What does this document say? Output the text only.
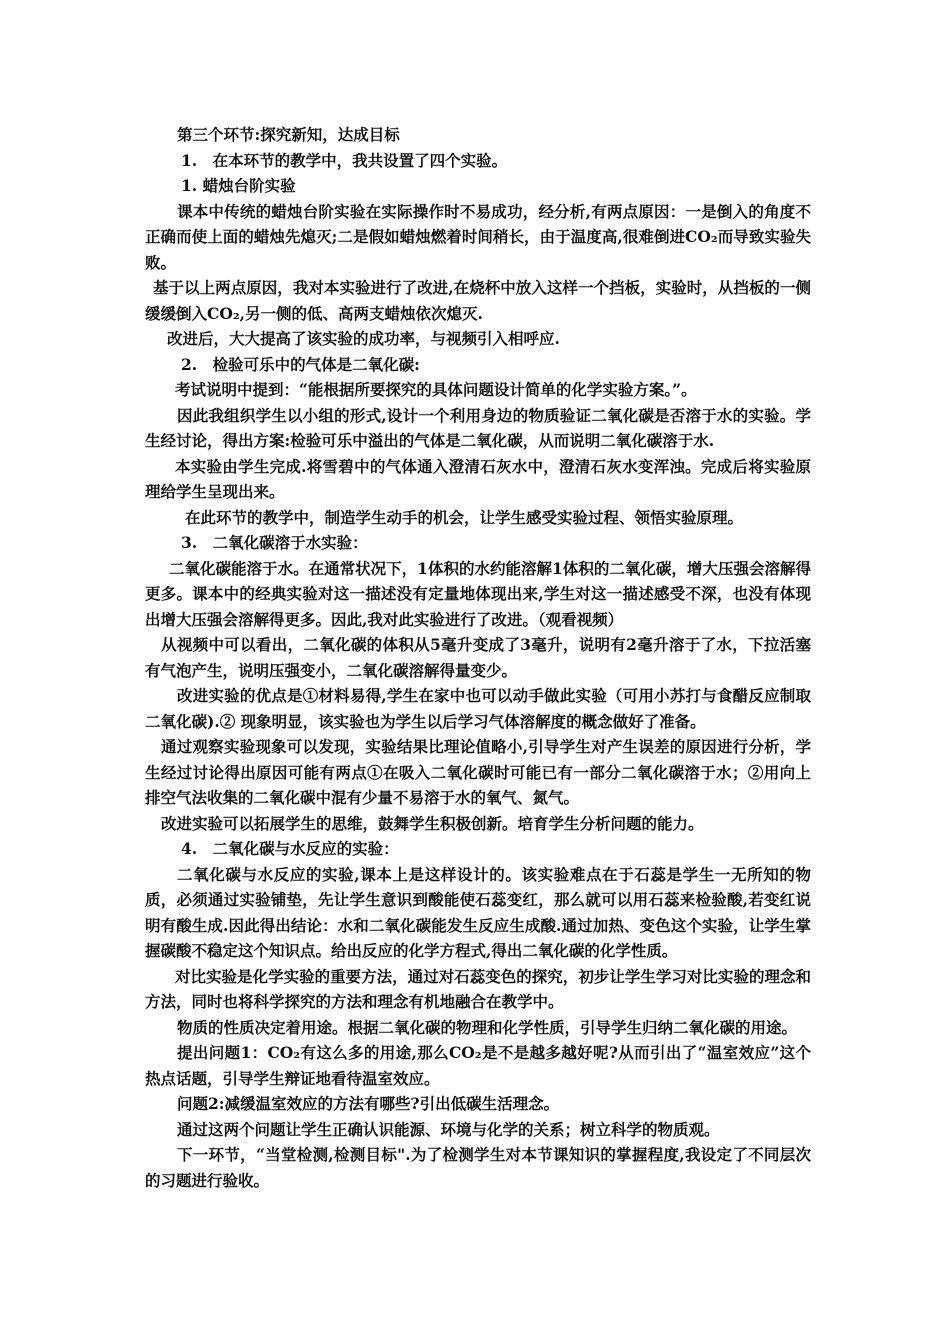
第三个环节:探究新知，达成目标

1.　在本环节的教学中，我共设置了四个实验。

1. 蜡烛台阶实验

课本中传统的蜡烛台阶实验在实际操作时不易成功，经分析,有两点原因：一是倒入的角度不正确而使上面的蜡烛先熄灭;二是假如蜡烛燃着时间稍长，由于温度高,很难倒进CO₂而导致实验失败。

基于以上两点原因，我对本实验进行了改进,在烧杯中放入这样一个挡板，实验时，从挡板的一侧缓缓倒入CO₂,另一侧的低、高两支蜡烛依次熄灭.

改进后，大大提高了该实验的成功率，与视频引入相呼应.

2.　检验可乐中的气体是二氧化碳:

考试说明中提到：“能根据所要探究的具体问题设计简单的化学实验方案。”。

因此我组织学生以小组的形式,设计一个利用身边的物质验证二氧化碳是否溶于水的实验。学生经讨论，得出方案:检验可乐中溢出的气体是二氧化碳，从而说明二氧化碳溶于水.

本实验由学生完成.将雪碧中的气体通入澄清石灰水中，澄清石灰水变浑浊。完成后将实验原理给学生呈现出来。

在此环节的教学中，制造学生动手的机会，让学生感受实验过程、领悟实验原理。

3.　二氧化碳溶于水实验：

二氧化碳能溶于水。在通常状况下，1体积的水约能溶解1体积的二氧化碳，增大压强会溶解得更多。课本中的经典实验对这一描述没有定量地体现出来,学生对这一描述感受不深，也没有体现出增大压强会溶解得更多。因此,我对此实验进行了改进。（观看视频）

从视频中可以看出，二氧化碳的体积从5毫升变成了3毫升，说明有2毫升溶于了水，下拉活塞有气泡产生，说明压强变小，二氧化碳溶解得量变少。

改进实验的优点是①材料易得,学生在家中也可以动手做此实验（可用小苏打与食醋反应制取二氧化碳).② 现象明显，该实验也为学生以后学习气体溶解度的概念做好了准备。

通过观察实验现象可以发现，实验结果比理论值略小,引导学生对产生误差的原因进行分析，学生经过讨论得出原因可能有两点①在吸入二氧化碳时可能已有一部分二氧化碳溶于水；②用向上排空气法收集的二氧化碳中混有少量不易溶于水的氧气、氮气。

改进实验可以拓展学生的思维，鼓舞学生积极创新。培育学生分析问题的能力。

4.　二氧化碳与水反应的实验：

二氧化碳与水反应的实验,课本上是这样设计的。该实验难点在于石蕊是学生一无所知的物质，必须通过实验铺垫，先让学生意识到酸能使石蕊变红，那么就可以用石蕊来检验酸,若变红说明有酸生成.因此得出结论：水和二氧化碳能发生反应生成酸.通过加热、变色这个实验，让学生掌握碳酸不稳定这个知识点。给出反应的化学方程式,得出二氧化碳的化学性质。

对比实验是化学实验的重要方法，通过对石蕊变色的探究，初步让学生学习对比实验的理念和方法，同时也将科学探究的方法和理念有机地融合在教学中。

物质的性质决定着用途。根据二氧化碳的物理和化学性质，引导学生归纳二氧化碳的用途。

提出问题1：CO₂有这么多的用途,那么CO₂是不是越多越好呢?从而引出了“温室效应”这个热点话题，引导学生辩证地看待温室效应。

问题2:减缓温室效应的方法有哪些?引出低碳生活理念。

通过这两个问题让学生正确认识能源、环境与化学的关系；树立科学的物质观。

下一环节，“当堂检测,检测目标".为了检测学生对本节课知识的掌握程度,我设定了不同层次的习题进行验收。
